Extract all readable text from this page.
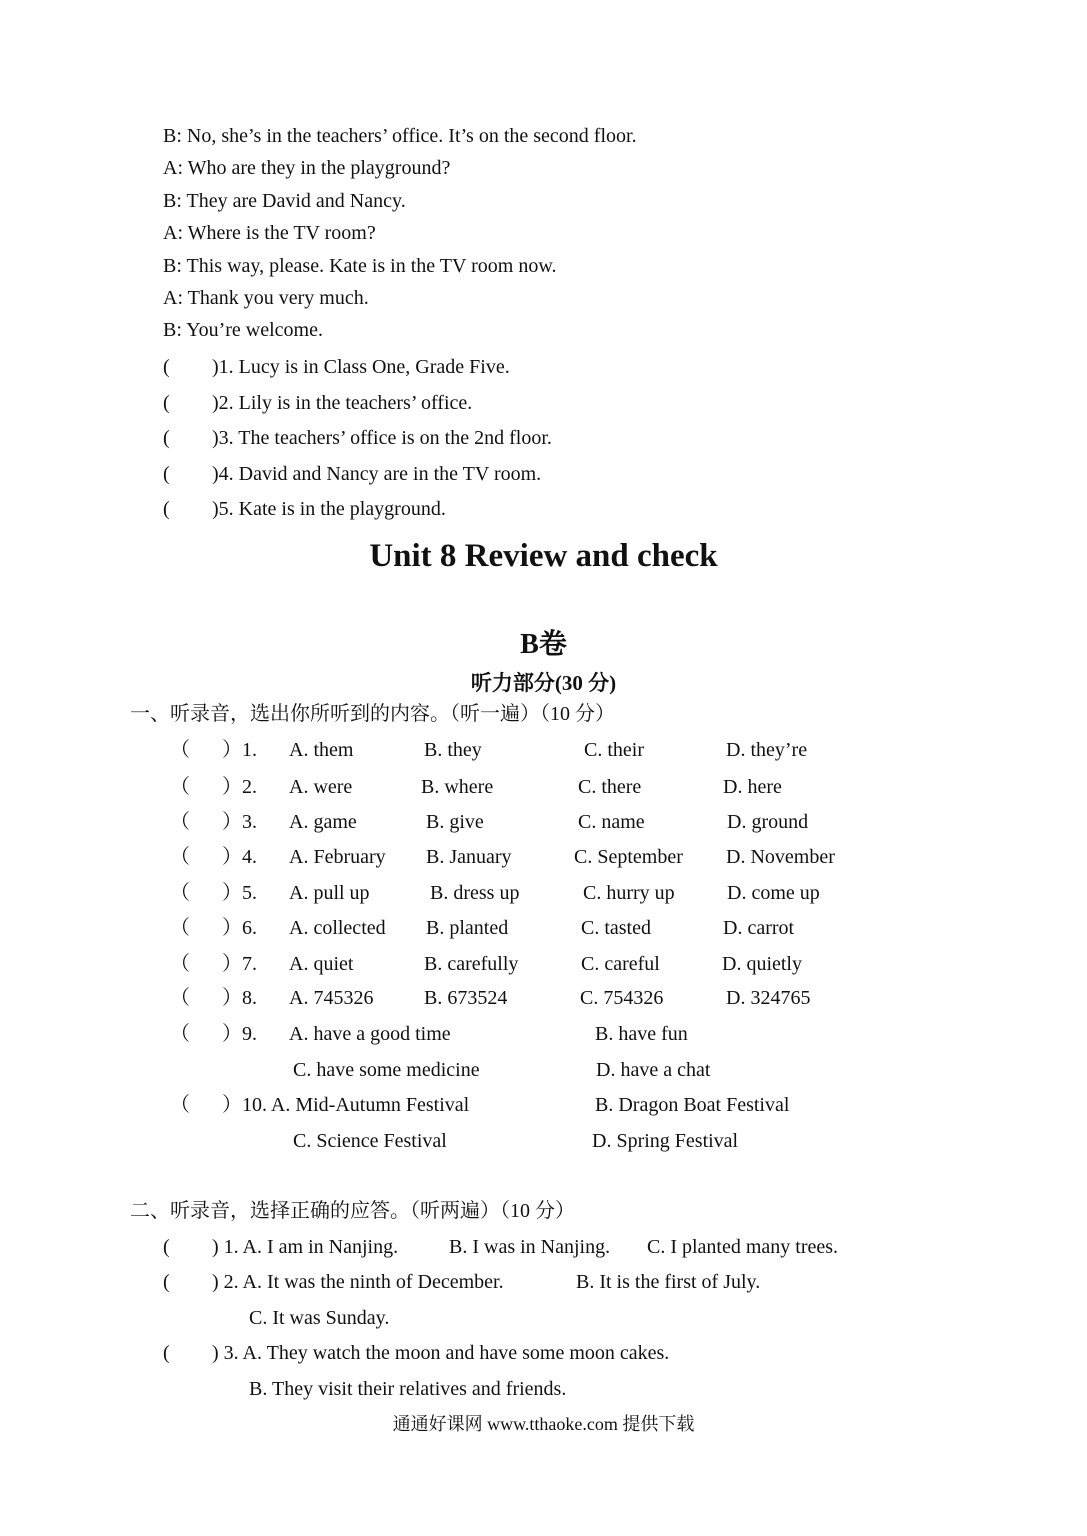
B: No, she’s in the teachers’ office. It’s on the second floor.
A: Who are they in the playground?
B: They are David and Nancy.
A: Where is the TV room?
B: This way, please. Kate is in the TV room now.
A: Thank you very much.
B: You’re welcome.
( )1. Lucy is in Class One, Grade Five.
( )2. Lily is in the teachers’ office.
( )3. The teachers’ office is on the 2nd floor.
( )4. David and Nancy are in the TV room.
( )5. Kate is in the playground.
Unit 8 Review and check
B卷
听力部分(30 分)
一、听录音，选出你所听到的内容。（听一遍）（10 分）
（ ）1. A. them	B. they	C. their	D. they’re
（ ）2. A. were	B. where	C. there	D. here
（ ）3. A. game	B. give	C. name	D. ground
（ ）4. A. February B. January	C. September D. November
（ ）5. A. pull up	B. dress up	C. hurry up	D. come up
（ ）6. A. collected B. planted	C. tasted	D. carrot
（ ）7. A. quiet	B. carefully	C. careful	D. quietly
（ ）8. A. 745326	B. 673524	C. 754326	D. 324765
（ ）9. A. have a good time	B. have fun
C. have some medicine	D. have a chat
（ ）10. A. Mid-Autumn Festival	B. Dragon Boat Festival
C. Science Festival	D. Spring Festival
二、听录音，选择正确的应答。（听两遍）（10 分）
( ) 1. A. I am in Nanjing.	B. I was in Nanjing. C. I planted many trees.
( ) 2. A. It was the ninth of December.	B. It is the first of July.
C. It was Sunday.
( ) 3. A. They watch the moon and have some moon cakes.
B. They visit their relatives and friends.
通通好课网 www.tthaoke.com 提供下载
